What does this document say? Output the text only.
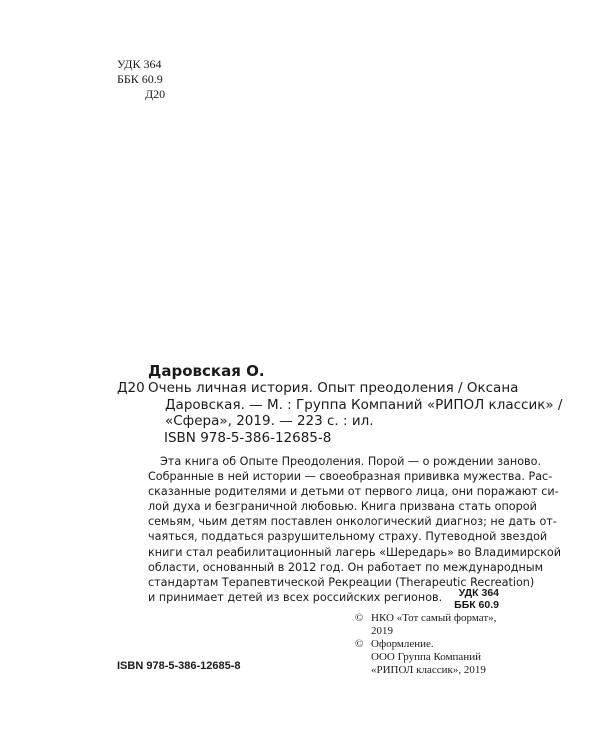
УДК 364
ББК 60.9
Д20
Даровская О.
Д20 Очень личная история. Опыт преодоления / Оксана
Даровская. — М. : Группа Компаний «РИПОЛ классик» /
«Сфера», 2019. — 223 с. : ил.
ISBN 978-5-386-12685-8
Эта книга об Опыте Преодоления. Порой — о рождении заново.
Собранные в ней истории — своеобразная прививка мужества. Рас-
сказанные родителями и детьми от первого лица, они поражают си-
лой духа и безграничной любовью. Книга призвана стать опорой
семьям, чьим детям поставлен онкологический диагноз; не дать от-
чаяться, поддаться разрушительному страху. Путеводной звездой
книги стал реабилитационный лагерь «Шередарь» во Владимирской
области, основанный в 2012 год. Он работает по международным
стандартам Терапевтической Рекреации (Therapeutic Recreation)
и принимает детей из всех российских регионов.	УДК 364
ББК 60.9
© НКО «Тот самый формат»,
2019
© Оформление.
ООО Группа Компаний
«РИПОЛ классик», 2019
ISBN 978-5-386-12685-8
